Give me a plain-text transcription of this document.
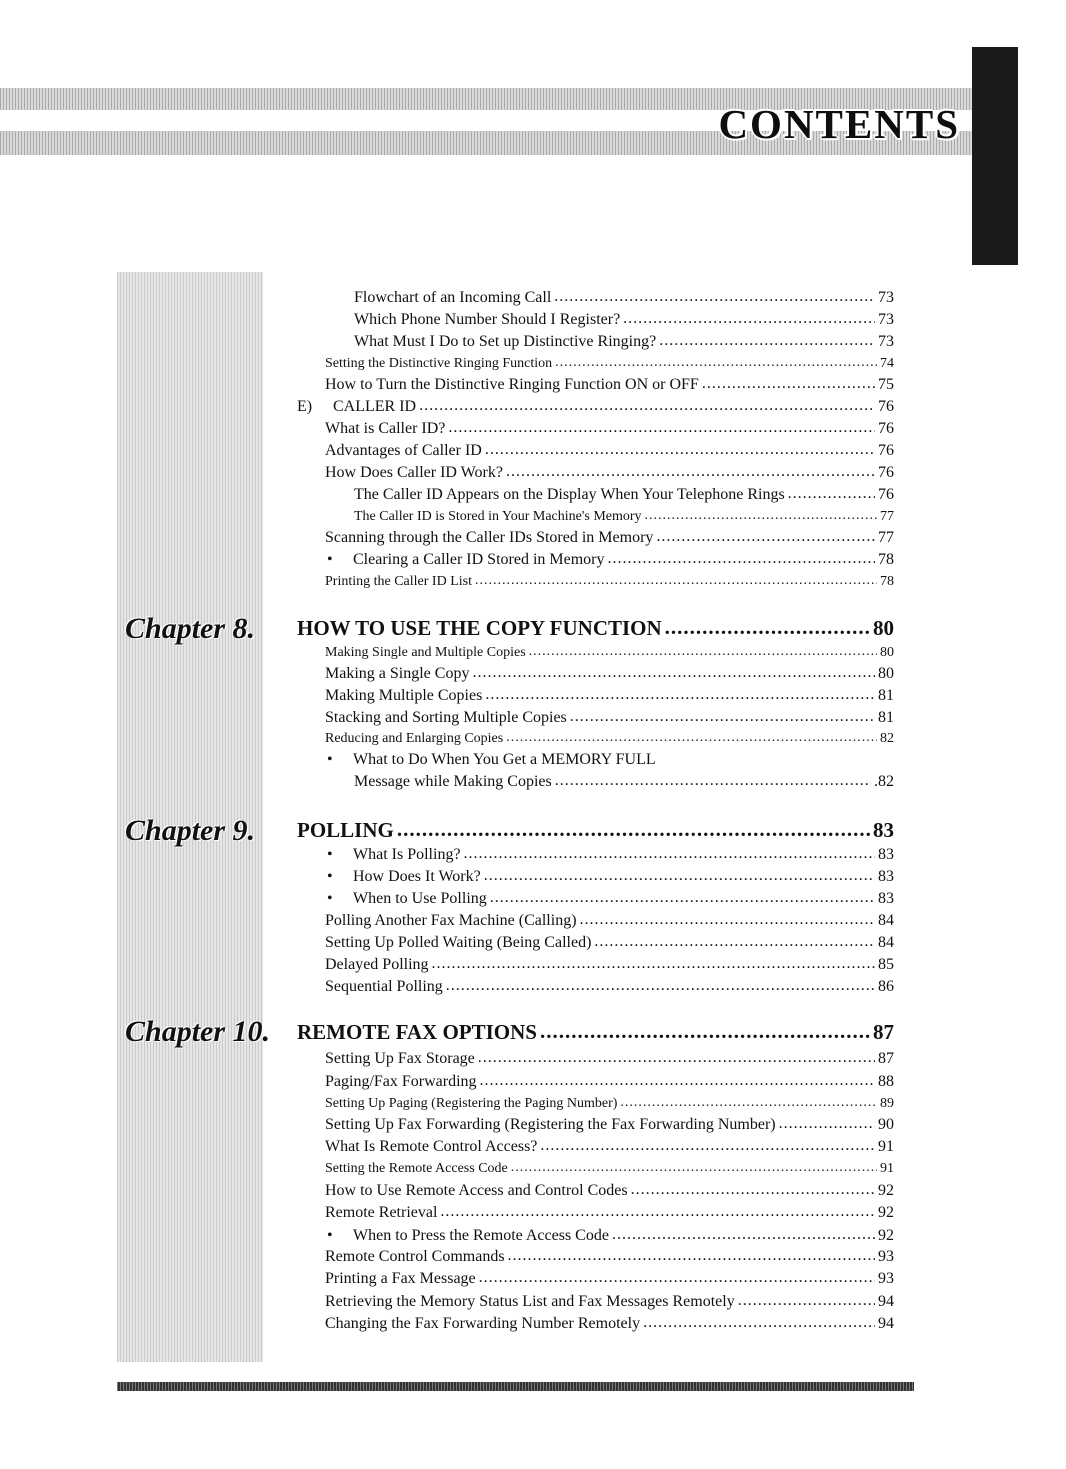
CONTENTS
Chapter 8.
Chapter 9.
Chapter 10.
Flowchart of an Incoming Call .....	73
Which Phone Number Should I Register? .....	73
What Must I Do to Set up Distinctive Ringing? .....	73
Setting the Distinctive Ringing Function .....	74
How to Turn the Distinctive Ringing Function ON or OFF .....	75
E)	CALLER ID .....	76
What is Caller ID? .....	76
Advantages of Caller ID .....	76
How Does Caller ID Work? .....	76
The Caller ID Appears on the Display When Your Telephone Rings .....	76
The Caller ID is Stored in Your Machine's Memory .....	77
Scanning through the Caller IDs Stored in Memory .....	77
•	Clearing a Caller ID Stored in Memory .....	78
Printing the Caller ID List .....	78
HOW TO USE THE COPY FUNCTION .....	80
Making Single and Multiple Copies .....	80
Making a Single Copy .....	80
Making Multiple Copies .....	81
Stacking and Sorting Multiple Copies .....	81
Reducing and Enlarging Copies .....	82
•	What to Do When You Get a MEMORY FULL
Message while Making Copies .....	.82
POLLING .....	83
•	What Is Polling? .....	83
•	How Does It Work? .....	83
•	When to Use Polling .....	83
Polling Another Fax Machine (Calling) .....	84
Setting Up Polled Waiting (Being Called) .....	84
Delayed Polling .....	85
Sequential Polling .....	86
REMOTE FAX OPTIONS .....	87
Setting Up Fax Storage .....	87
Paging/Fax Forwarding .....	88
Setting Up Paging (Registering the Paging Number) .....	89
Setting Up Fax Forwarding (Registering the Fax Forwarding Number) .....	90
What Is Remote Control Access? .....	91
Setting the Remote Access Code .....	91
How to Use Remote Access and Control Codes .....	92
Remote Retrieval .....	92
•	When to Press the Remote Access Code .....	92
Remote Control Commands .....	93
Printing a Fax Message .....	93
Retrieving the Memory Status List and Fax Messages Remotely .....	94
Changing the Fax Forwarding Number Remotely .....	94
